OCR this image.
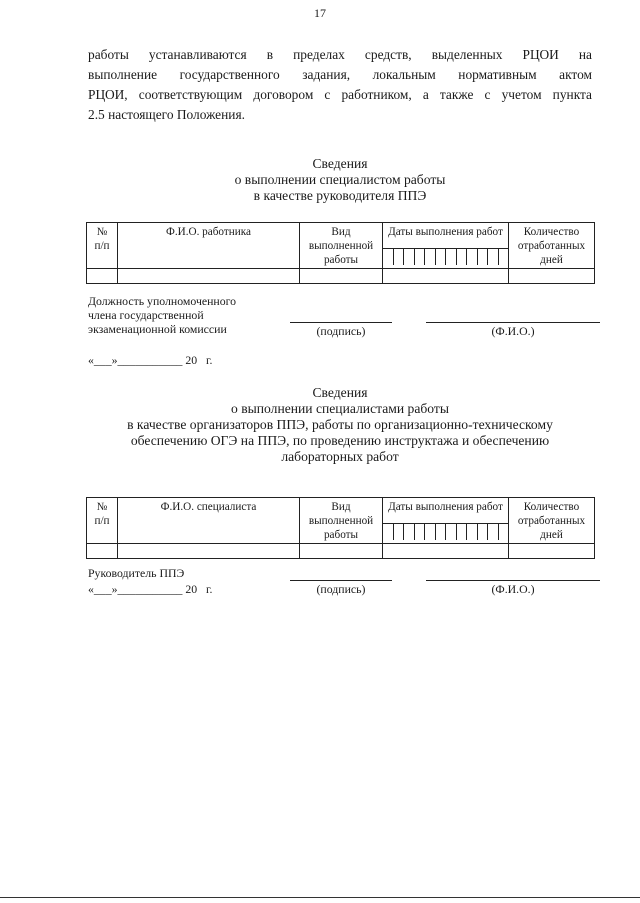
17

работы устанавливаются в пределах средств, выделенных РЦОИ на
выполнение государственного задания, локальным нормативным актом
РЦОИ, соответствующим договором с работником, а также с учетом пункта
2.5 настоящего Положения.

Сведения
о выполнении специалистом работы
в качестве руководителя ППЭ
№ п/п	Ф.И.О. работника	Вид выполненной работы	Даты выполнения работ	Количество отработанных дней

Должность уполномоченного
члена государственной
экзаменационной комиссии	(подпись)	(Ф.И.О.)
«___»___________ 20   г.
Сведения
о выполнении специалистами работы
в качестве организаторов ППЭ, работы по организационно-техническому
обеспечению ОГЭ на ППЭ, по проведению инструктажа и обеспечению
лабораторных работ
№ п/п	Ф.И.О. специалиста	Вид выполненной работы	Даты выполнения работ	Количество отработанных дней

Руководитель ППЭ
«___»___________ 20   г.	(подпись)	(Ф.И.О.)
